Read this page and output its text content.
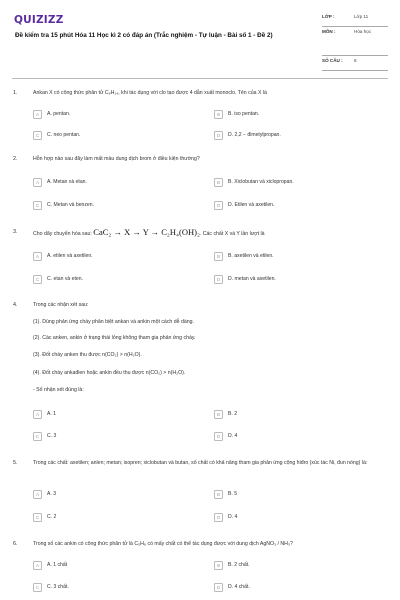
QUIZIZZ
Đề kiểm tra 15 phút Hóa 11 Học kì 2 có đáp án (Trắc nghiệm - Tự luận - Bài số 1 - Đề 2)
LỚP :	Lớp 11
MÔN :	Hóa học
SỐ CÂU :	6
1.	Ankan X có công thức phân tử C₆H₁₄, khi tác dụng với clo tạo được 4 dẫn xuất monoclo. Tên của X là
A	A. pentan.	B	B. iso pentan.
C	C. neo pentan.	D	D. 2,2 − đimetylpropan.
2.	Hỗn hợp nào sau đây làm mất màu dung dịch brom ở điều kiện thường?
A	A. Metan và etan.	B	B. Xiclobutan và xiclopropan.
C	C. Metan và benzen.	D	D. Etilen và axetilen.
3.	Cho dãy chuyển hóa sau: CaC₂ → X → Y → C₂H₄(OH)₂. Các chất X và Y lần lượt là
A	A. etilen và axetilen.	B	B. axetilen và etilen.
C	C. etan và eten.	D	D. metan và axetilen.
4.	Trong các nhận xét sau:
(1). Dùng phản ứng cháy phân biệt ankan và ankin một cách dễ dàng.
(2). Các anken, ankin ở trạng thái lỏng không tham gia phản ứng cháy.
(3). Đốt cháy anken thu được n(CO₂) > n(H₂O).
(4). Đốt cháy ankađien hoặc ankin đều thu được n(CO₂) > n(H₂O).
- Số nhận xét đúng là:
A	A. 1	B	B. 2
C	C. 3	D	D. 4
5.	Trong các chất: axetilen; anlen; metan; isopren; xiclobutan và butan, số chất có khả năng tham gia phản ứng cộng hiđro (xúc tác Ni, đun nóng) là:
A	A. 3	B	B. 5
C	C. 2	D	D. 4
6.	Trong số các ankin có công thức phân tử là C₅H₈ có mấy chất có thể tác dụng được với dung dịch AgNO₃ / NH₃?
A	A. 1 chất	B	B. 2 chất.
C	C. 3 chất.	D	D. 4 chất.
